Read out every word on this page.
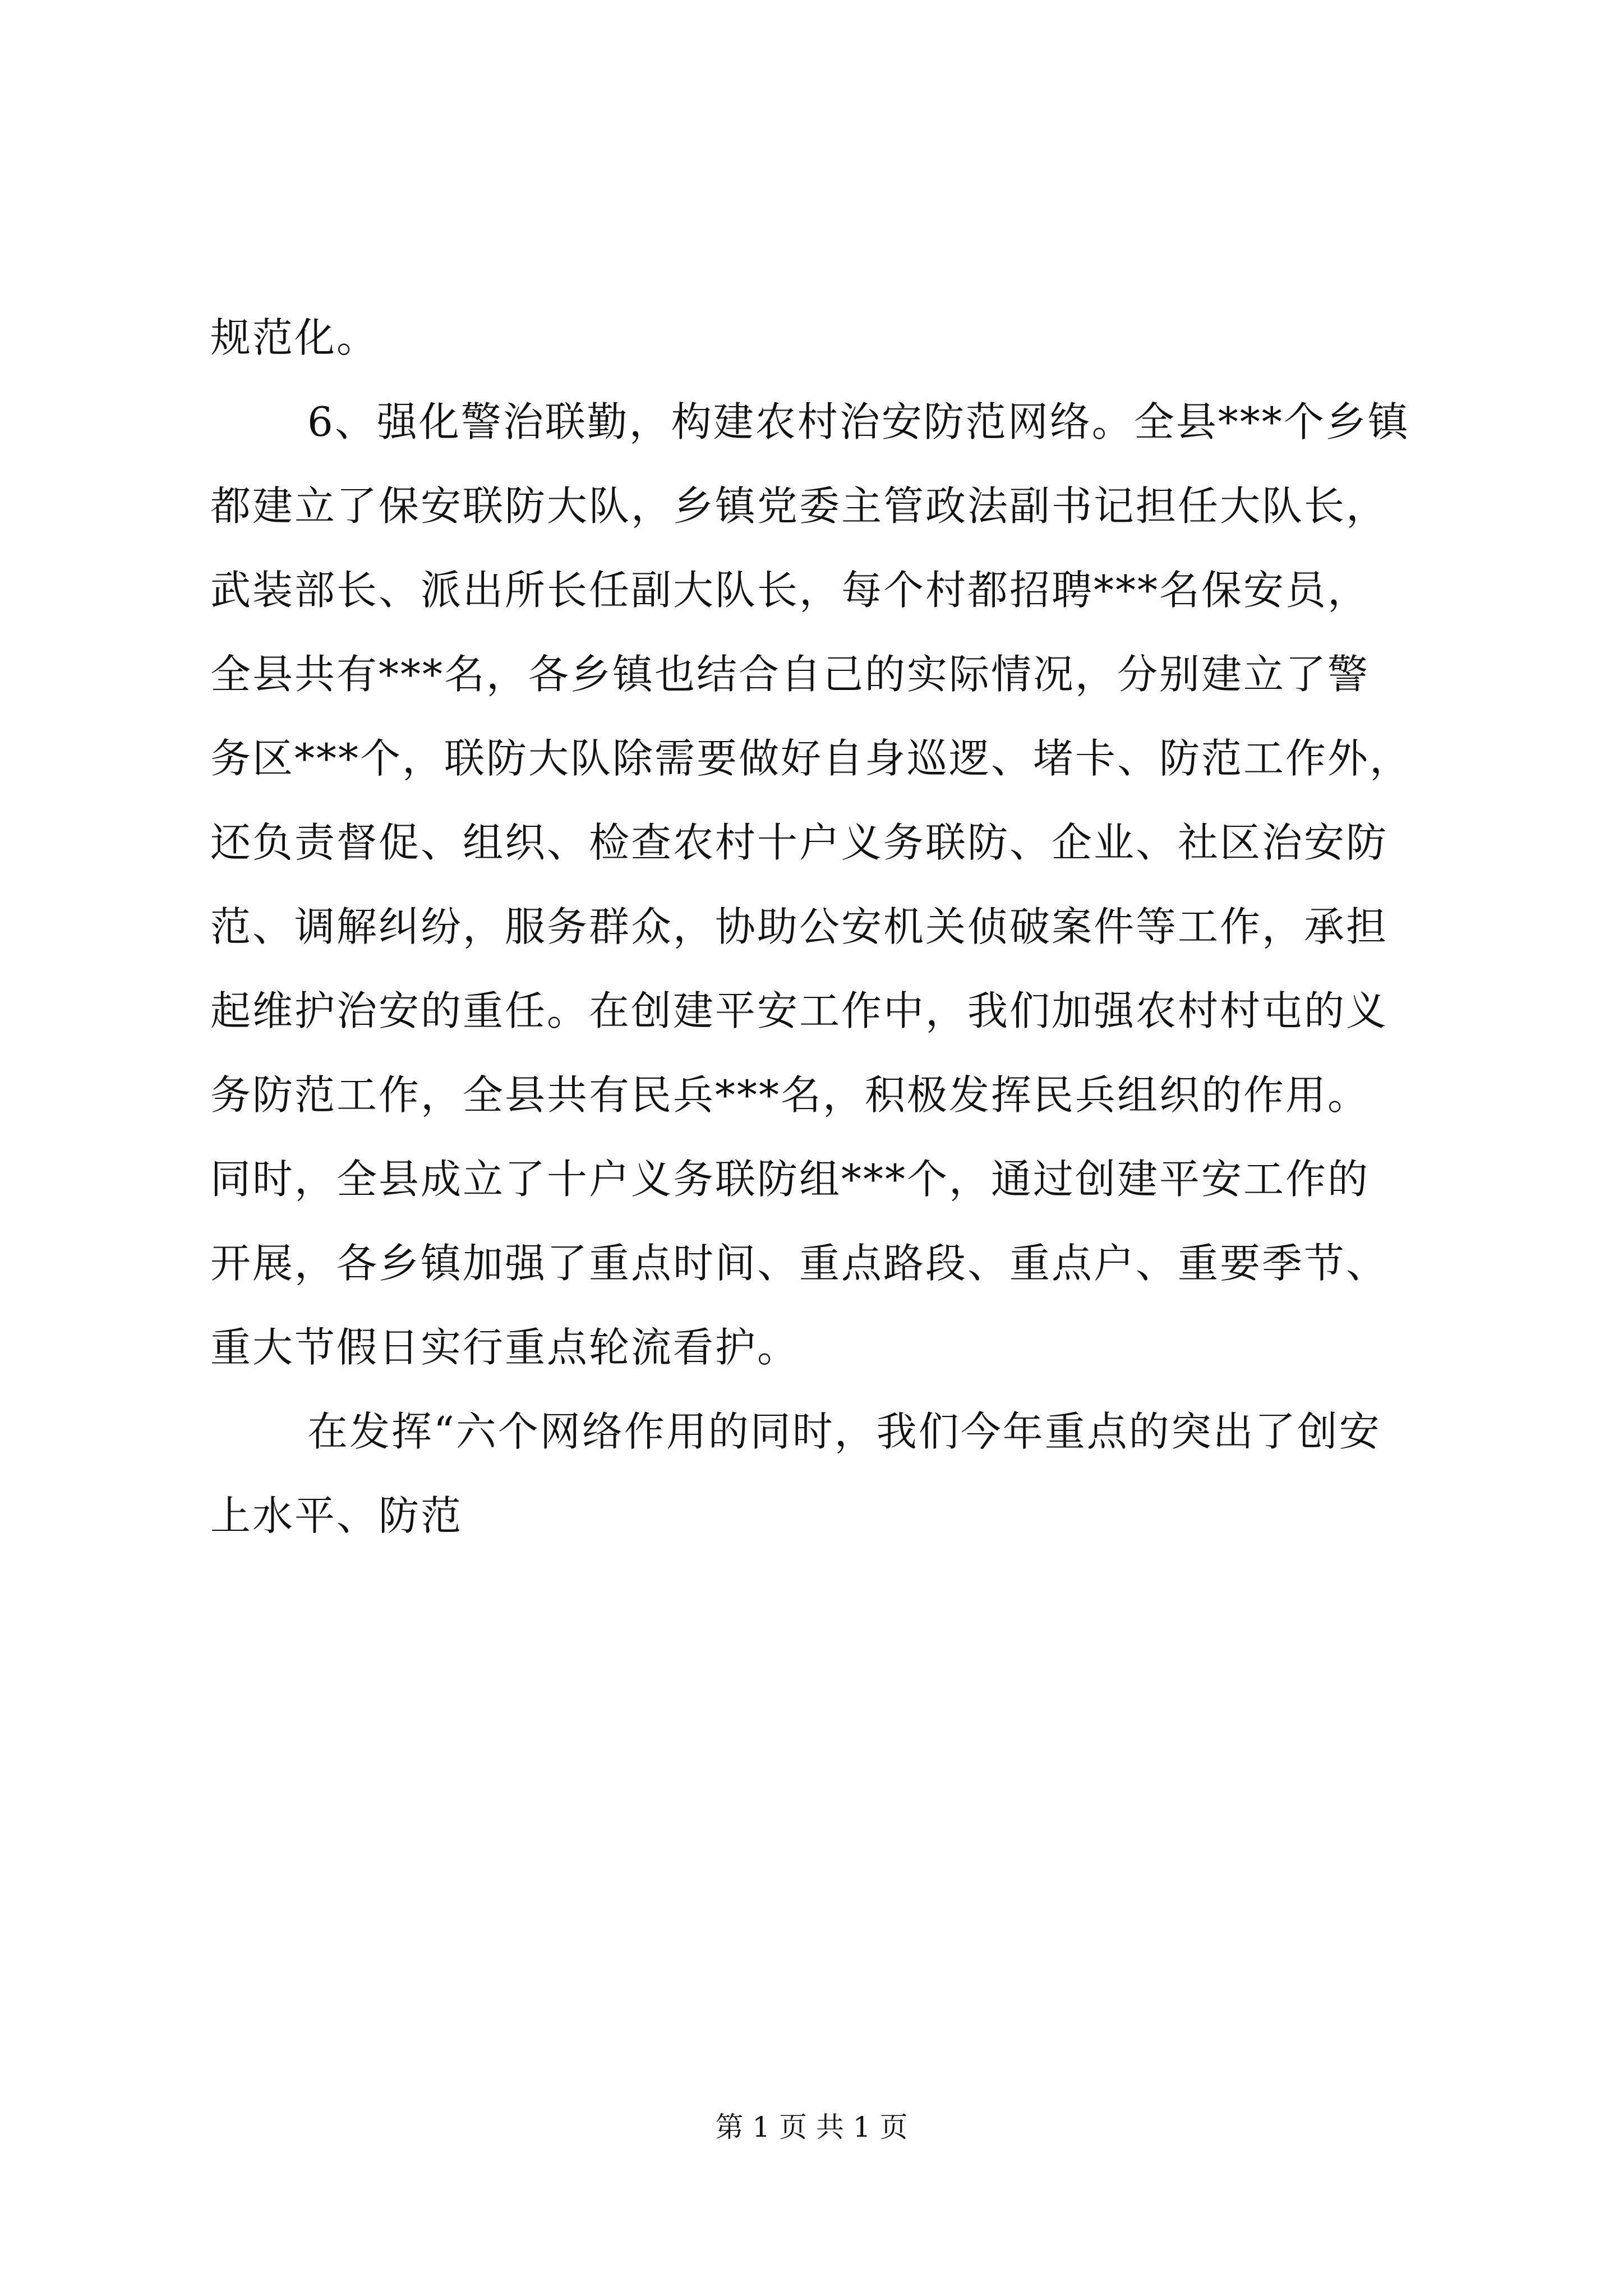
规范化。
6、强化警治联勤，构建农村治安防范网络。全县***个乡镇
都建立了保安联防大队，乡镇党委主管政法副书记担任大队长，
武装部长、派出所长任副大队长，每个村都招聘***名保安员，
全县共有***名，各乡镇也结合自己的实际情况，分别建立了警
务区***个，联防大队除需要做好自身巡逻、堵卡、防范工作外，
还负责督促、组织、检查农村十户义务联防、企业、社区治安防
范、调解纠纷，服务群众，协助公安机关侦破案件等工作，承担
起维护治安的重任。在创建平安工作中，我们加强农村村屯的义
务防范工作，全县共有民兵***名，积极发挥民兵组织的作用。
同时，全县成立了十户义务联防组***个，通过创建平安工作的
开展，各乡镇加强了重点时间、重点路段、重点户、重要季节、
重大节假日实行重点轮流看护。
在发挥“六个网络作用的同时，我们今年重点的突出了创安
上水平、防范
第 1 页 共 1 页
